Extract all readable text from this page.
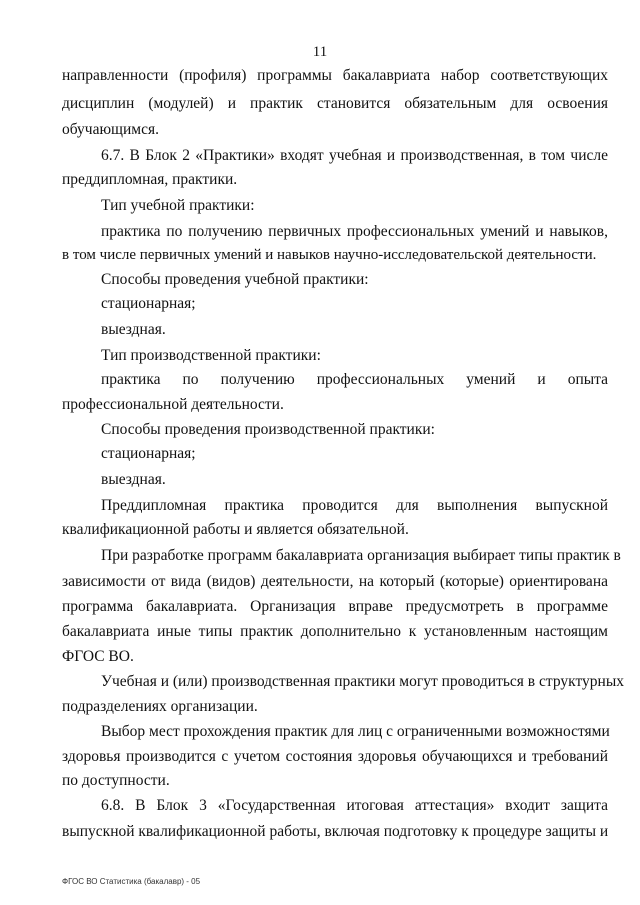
11
направленности (профиля) программы бакалавриата набор соответствующих
дисциплин (модулей) и практик становится обязательным для освоения
обучающимся.
6.7. В Блок 2 «Практики» входят учебная и производственная, в том числе
преддипломная, практики.
Тип учебной практики:
практика по получению первичных профессиональных умений и навыков,
в том числе первичных умений и навыков научно-исследовательской деятельности.
Способы проведения учебной практики:
стационарная;
выездная.
Тип производственной практики:
практика по получению профессиональных умений и опыта
профессиональной деятельности.
Способы проведения производственной практики:
стационарная;
выездная.
Преддипломная практика проводится для выполнения выпускной
квалификационной работы и является обязательной.
При разработке программ бакалавриата организация выбирает типы практик в
зависимости от вида (видов) деятельности, на который (которые) ориентирована
программа бакалавриата. Организация вправе предусмотреть в программе
бакалавриата иные типы практик дополнительно к установленным настоящим
ФГОС ВО.
Учебная и (или) производственная практики могут проводиться в структурных
подразделениях организации.
Выбор мест прохождения практик для лиц с ограниченными возможностями
здоровья производится с учетом состояния здоровья обучающихся и требований
по доступности.
6.8. В Блок 3 «Государственная итоговая аттестация» входит защита
выпускной квалификационной работы, включая подготовку к процедуре защиты и
ФГОС ВО Статистика (бакалавр) - 05
